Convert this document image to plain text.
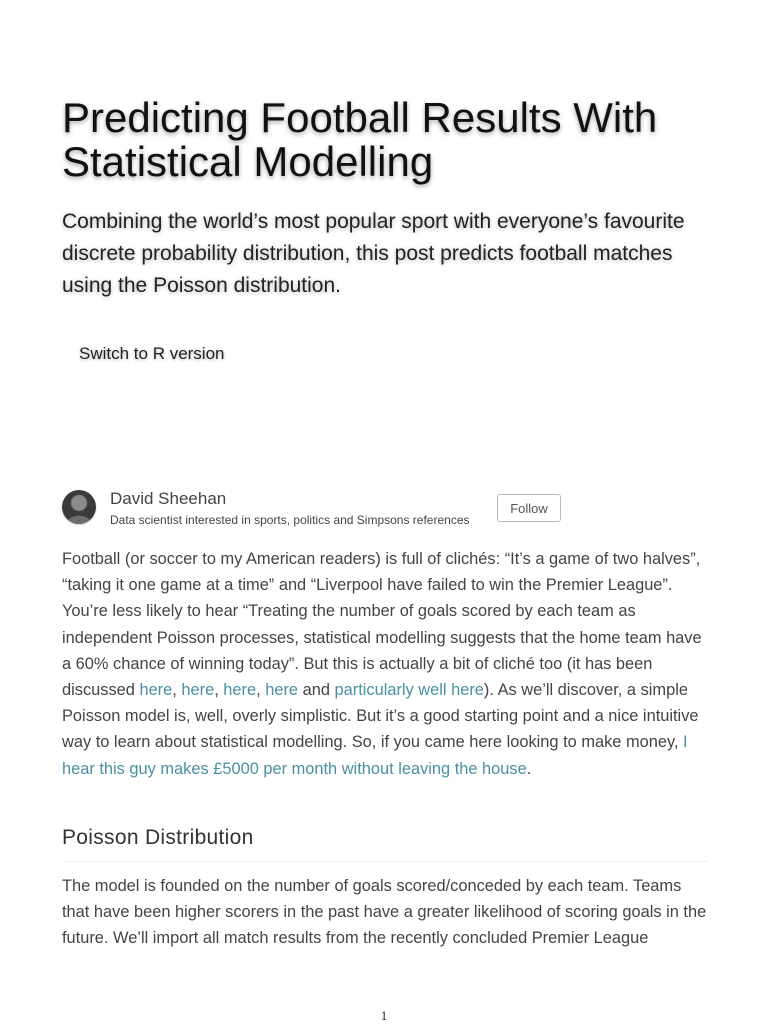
Predicting Football Results With Statistical Modelling

Combining the world’s most popular sport with everyone’s favourite discrete probability distribution, this post predicts football matches using the Poisson distribution.

Switch to R version
David Sheehan
Data scientist interested in sports, politics and Simpsons references
Follow

Football (or soccer to my American readers) is full of clichés: “It’s a game of two halves”, “taking it one game at a time” and “Liverpool have failed to win the Premier League”. You’re less likely to hear “Treating the number of goals scored by each team as independent Poisson processes, statistical modelling suggests that the home team have a 60% chance of winning today”. But this is actually a bit of cliché too (it has been discussed here, here, here, here and particularly well here). As we’ll discover, a simple Poisson model is, well, overly simplistic. But it’s a good starting point and a nice intuitive way to learn about statistical modelling. So, if you came here looking to make money, I hear this guy makes £5000 per month without leaving the house.

Poisson Distribution

The model is founded on the number of goals scored/conceded by each team. Teams that have been higher scorers in the past have a greater likelihood of scoring goals in the future. We’ll import all match results from the recently concluded Premier League

1
